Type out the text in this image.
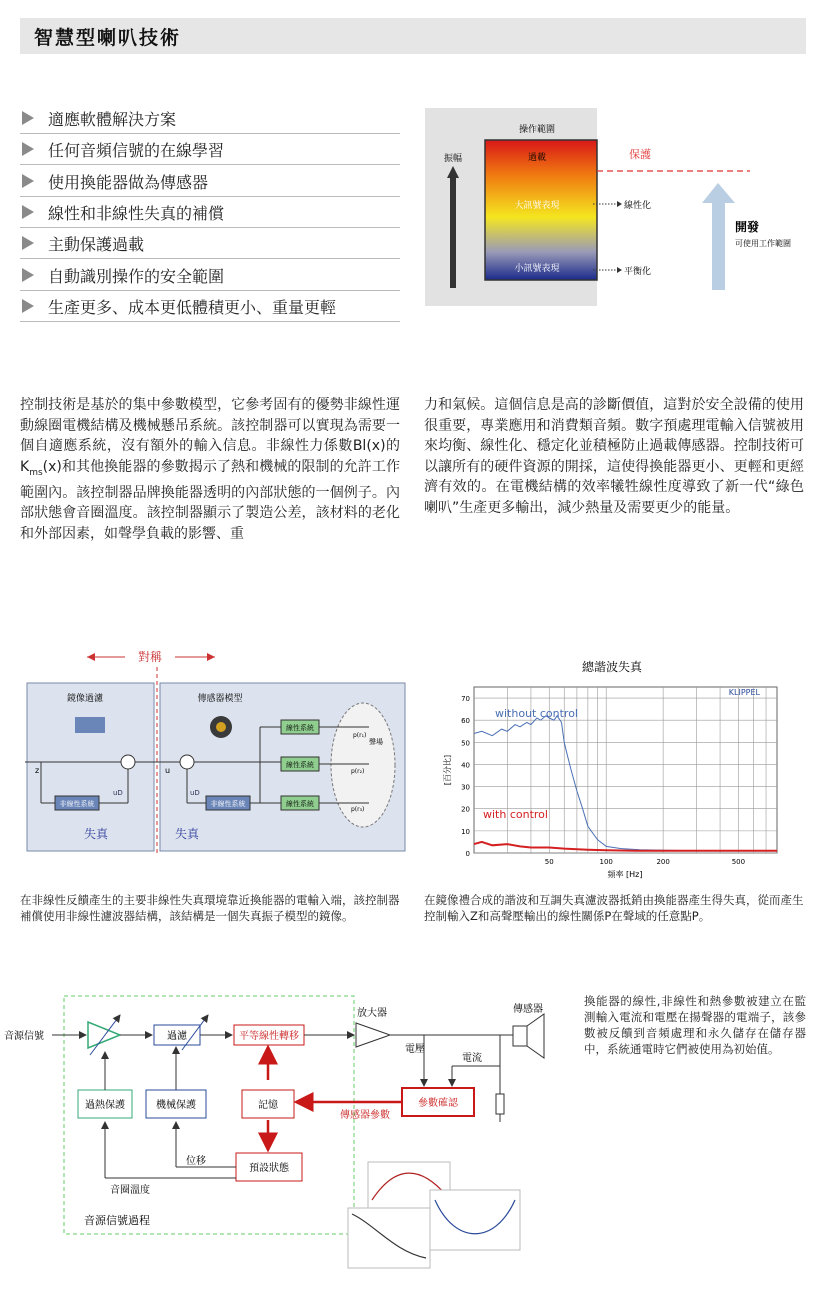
智慧型喇叭技術
適應軟體解決方案
任何音頻信號的在線學習
使用換能器做為傳感器
線性和非線性失真的補償
主動保護過載
自動識別操作的安全範圍
生產更多、成本更低體積更小、重量更輕
操作範圍
振幅	過載	保護
大訊號表現	線性化
小訊號表現	平衡化
開發
可使用工作範圍
控制技術是基於的集中參數模型，它參考固有的優勢非線性運動線圈電機結構及機械懸吊系統。該控制器可以實現為需要一個自適應系統，沒有額外的輸入信息。非線性力係數Bl(x)的$K_{ms}(x)$和其他換能器的參數揭示了熱和機械的限制的允許工作範圍內。該控制器品牌換能器透明的內部狀態的一個例子。內部狀態會音圈溫度。該控制器顯示了製造公差，該材料的老化和外部因素，如聲學負載的影響、重
力和氣候。這個信息是高的診斷價值，這對於安全設備的使用很重要，專業應用和消費類音頻。數字預處理電輸入信號被用來均衡、線性化、穩定化並積極防止過載傳感器。控制技術可以讓所有的硬件資源的開採，這使得換能器更小、更輕和更經濟有效的。在電機結構的效率犧牲線性度導致了新一代“綠色喇叭”生產更多輸出，減少熱量及需要更少的能量。
對稱
鏡像過濾	傳感器模型
z	u
非線性系統
uD
非線性系統
uD
線性系統
線性系統
線性系統
p(r₁)
聲場
p(r₂)
p(r₃)
失真	失真
總諧波失真
0
10
20
30
40
50
60
70
50	100	200	500
without control
with control
KLIPPEL
頻率 [Hz]
[百分比]
在非線性反饋產生的主要非線性失真環境靠近換能器的電輸入端，該控制器補償使用非線性濾波器結構，該結構是一個失真振子模型的鏡像。
在鏡像禮合成的諧波和互調失真濾波器抵銷由換能器產生得失真，從而產生控制輸入Z和高聲壓輸出的線性關係P在聲域的任意點P。
音源信號	過濾	平等線性轉移
放大器	傳感器
電壓
電流
參數確認
傳感器參數
過熱保護	機械保護	記憶
預設狀態
位移
音圈溫度
音源信號過程
換能器的線性,非線性和熱參數被建立在監測輸入電流和電壓在揚聲器的電端子，該參數被反饋到音頻處理和永久儲存在儲存器中，系統通電時它們被使用為初始值。
